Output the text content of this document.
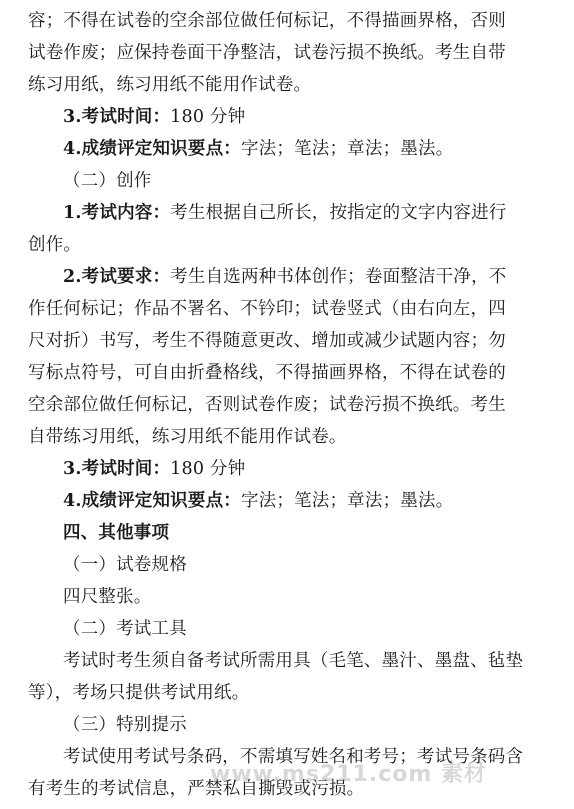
容；不得在试卷的空余部位做任何标记，不得描画界格，否则
试卷作废；应保持卷面干净整洁，试卷污损不换纸。考生自带
练习用纸，练习用纸不能用作试卷。
3.考试时间：180 分钟
4.成绩评定知识要点：字法；笔法；章法；墨法。
（二）创作
1.考试内容：考生根据自己所长，按指定的文字内容进行
创作。
2.考试要求：考生自选两种书体创作；卷面整洁干净，不
作任何标记；作品不署名、不钤印；试卷竖式（由右向左，四
尺对折）书写，考生不得随意更改、增加或减少试题内容；勿
写标点符号，可自由折叠格线，不得描画界格，不得在试卷的
空余部位做任何标记，否则试卷作废；试卷污损不换纸。考生
自带练习用纸，练习用纸不能用作试卷。
3.考试时间：180 分钟
4.成绩评定知识要点：字法；笔法；章法；墨法。
四、其他事项
（一）试卷规格
四尺整张。
（二）考试工具
考试时考生须自备考试所需用具（毛笔、墨汁、墨盘、毡垫
等），考场只提供考试用纸。
（三）特别提示
考试使用考试号条码，不需填写姓名和考号；考试号条码含
有考生的考试信息，严禁私自撕毁或污损。
www.ms211.com 素材
